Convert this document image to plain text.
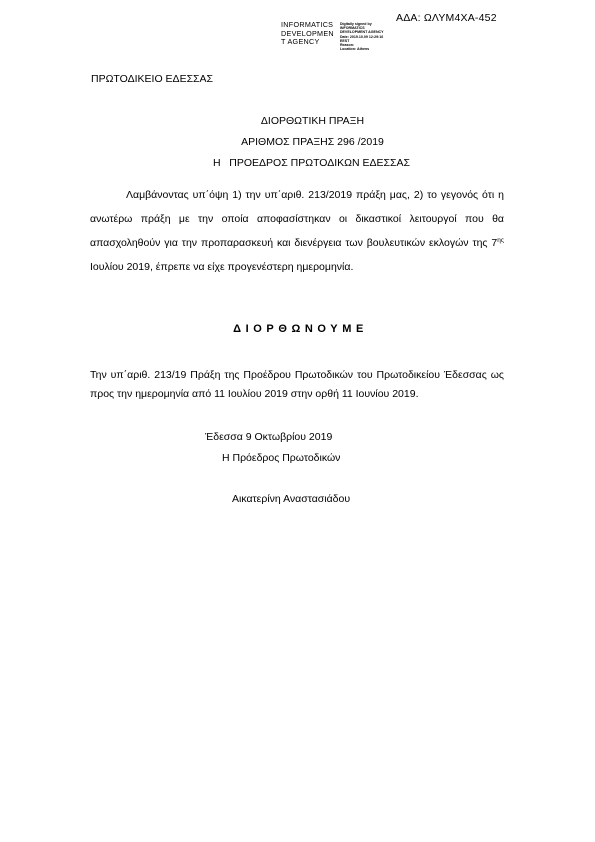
ΑΔΑ: ΩΛΥΜ4ΧΑ-452
INFORMATICS
DEVELOPMEN
T AGENCY
Digitally signed by
INFORMATICS
DEVELOPMENT AGENCY
Date: 2019.10.09 12:29:16
EEST
Reason:
Location: Athens
ΠΡΩΤΟΔΙΚΕΙΟ ΕΔΕΣΣΑΣ
ΔΙΟΡΘΩΤΙΚΗ ΠΡΑΞΗ
ΑΡΙΘΜΟΣ ΠΡΑΞΗΣ 296 /2019
Η   ΠΡΟΕΔΡΟΣ ΠΡΩΤΟΔΙΚΩΝ ΕΔΕΣΣΑΣ
Λαμβάνοντας υπ΄όψη 1) την υπ΄αριθ. 213/2019 πράξη μας, 2) το γεγονός ότι η ανωτέρω πράξη με την οποία αποφασίστηκαν οι δικαστικοί λειτουργοί που θα απασχοληθούν για την προπαρασκευή και διενέργεια των βουλευτικών εκλογών της $7^{\eta\varsigma}$ Ιουλίου 2019, έπρεπε να είχε προγενέστερη ημερομηνία.
ΔΙΟΡΘΩΝΟΥΜΕ
Την υπ΄αριθ. 213/19 Πράξη της Προέδρου Πρωτοδικών του Πρωτοδικείου Έδεσσας ως προς την ημερομηνία από 11 Ιουλίου 2019 στην ορθή 11 Ιουνίου 2019.
Έδεσσα 9 Οκτωβρίου 2019
Η Πρόεδρος Πρωτοδικών
Αικατερίνη Αναστασιάδου
